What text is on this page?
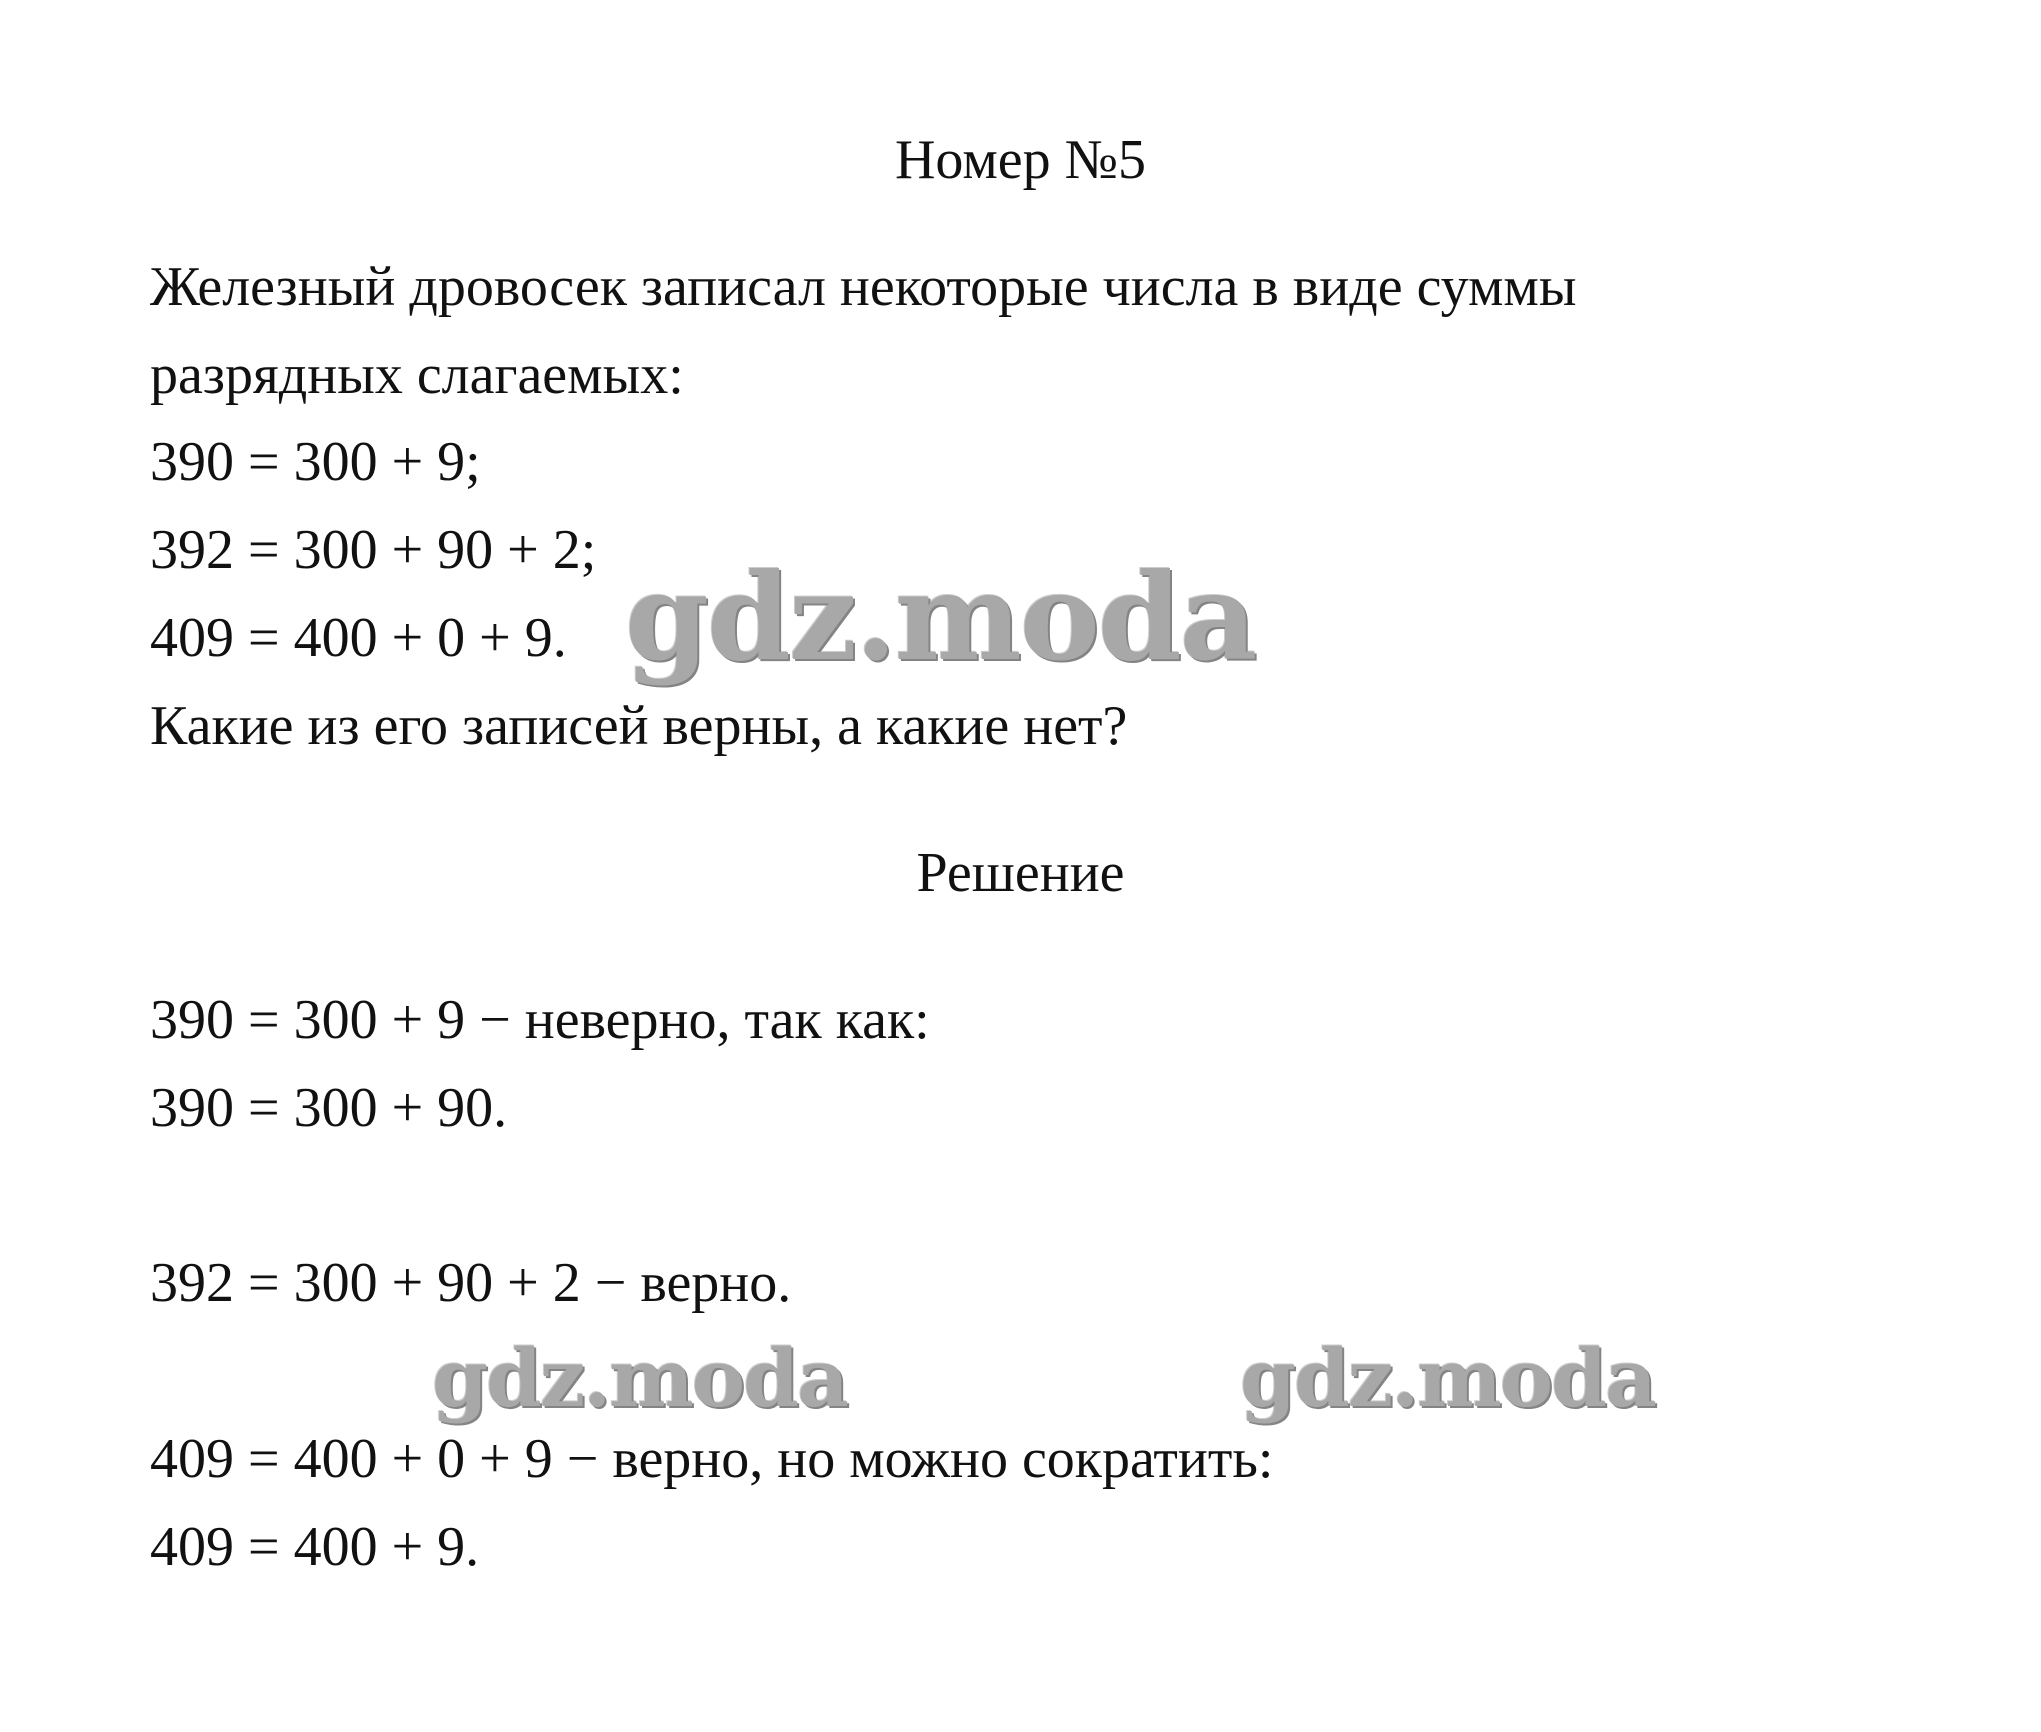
Номер №5
Железный дровосек записал некоторые числа в виде суммы
разрядных слагаемых:
390 = 300 + 9;
392 = 300 + 90 + 2;
409 = 400 + 0 + 9.
Какие из его записей верны, а какие нет?
Решение
390 = 300 + 9 − неверно, так как:
390 = 300 + 90.
392 = 300 + 90 + 2 − верно.
409 = 400 + 0 + 9 − верно, но можно сократить:
409 = 400 + 9.
gdz.moda
gdz.moda	gdz.moda
